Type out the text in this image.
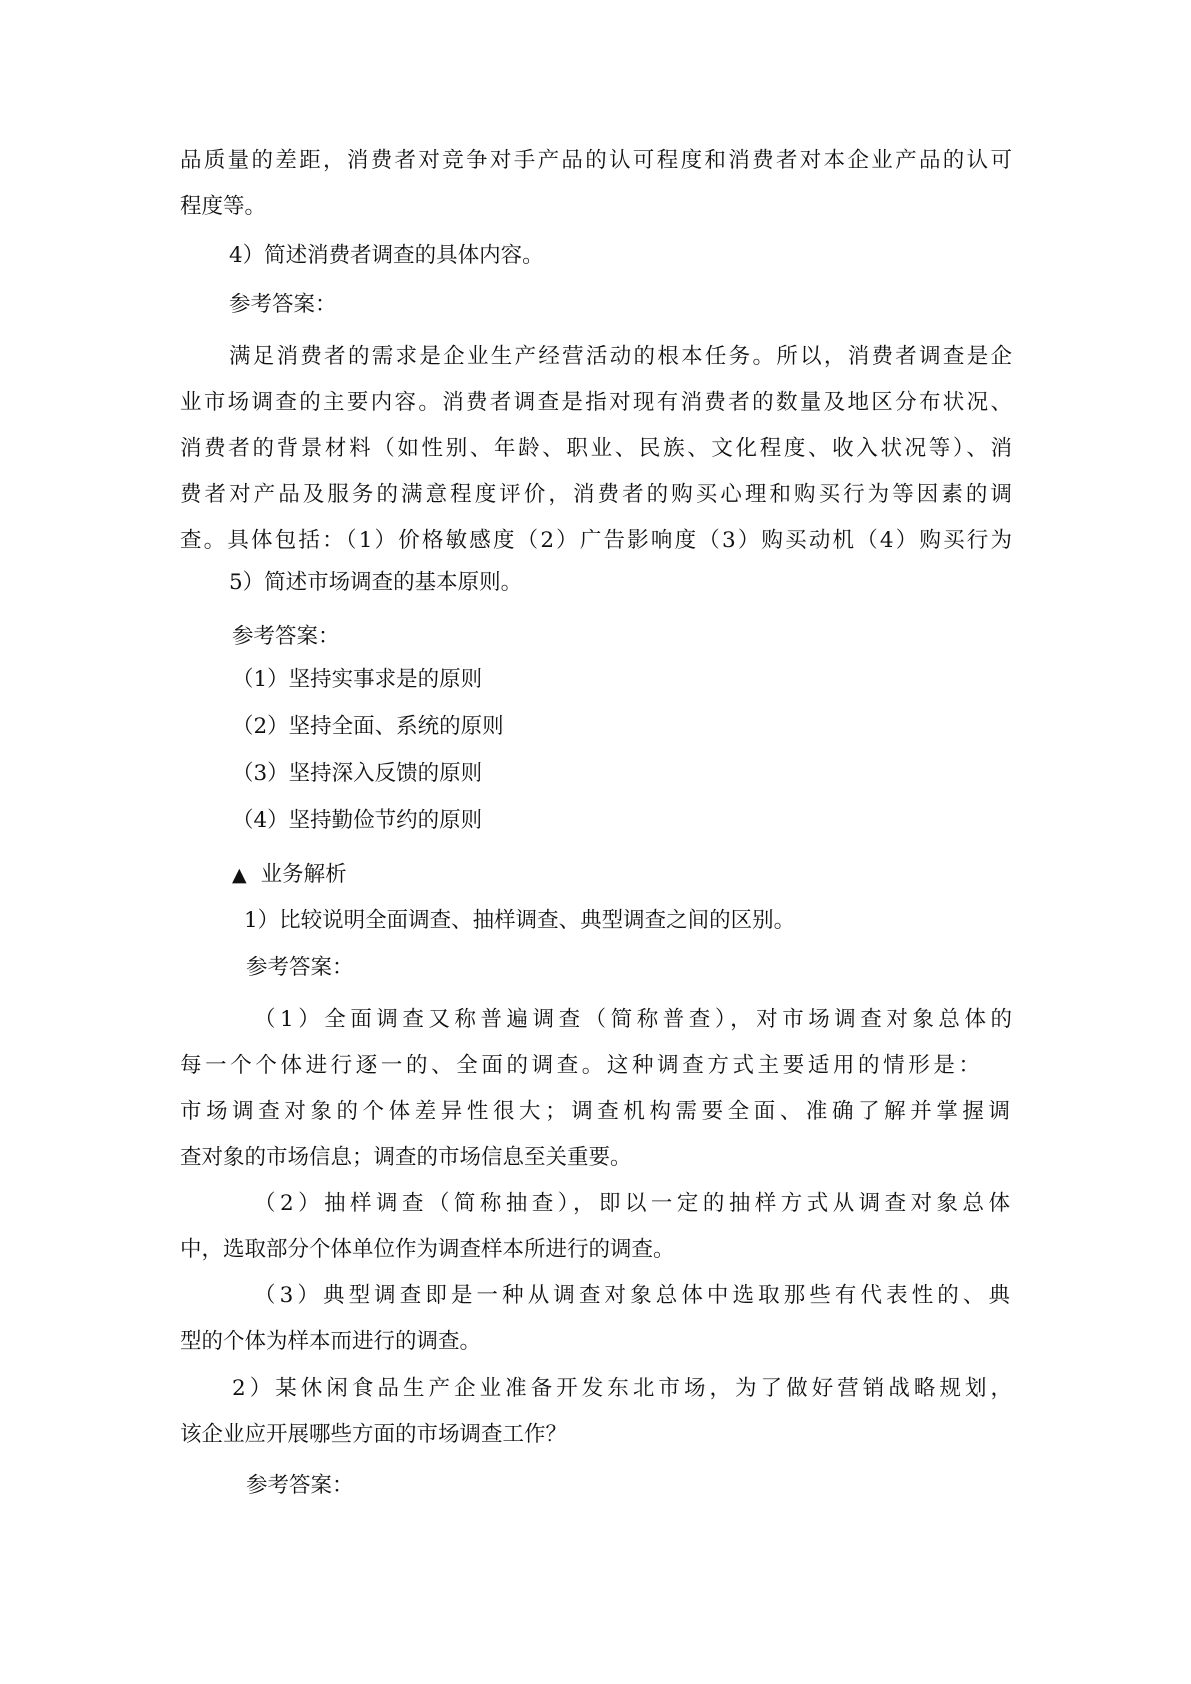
品质量的差距，消费者对竞争对手产品的认可程度和消费者对本企业产品的认可

程度等。

4）简述消费者调查的具体内容。

参考答案：

满足消费者的需求是企业生产经营活动的根本任务。所以，消费者调查是企

业市场调查的主要内容。消费者调查是指对现有消费者的数量及地区分布状况、

消费者的背景材料（如性别、年龄、职业、民族、文化程度、收入状况等）、消

费者对产品及服务的满意程度评价，消费者的购买心理和购买行为等因素的调

查。具体包括：（1）价格敏感度（2）广告影响度（3）购买动机（4）购买行为

5）简述市场调查的基本原则。

参考答案：

（1）坚持实事求是的原则

（2）坚持全面、系统的原则

（3）坚持深入反馈的原则

（4）坚持勤俭节约的原则

▲ 业务解析

1）比较说明全面调查、抽样调查、典型调查之间的区别。

参考答案：

（1）全面调查又称普遍调查（简称普查），对市场调查对象总体的

每一个个体进行逐一的、全面的调查。这种调查方式主要适用的情形是：

市场调查对象的个体差异性很大；调查机构需要全面、准确了解并掌握调

查对象的市场信息；调查的市场信息至关重要。

（2）抽样调查（简称抽查），即以一定的抽样方式从调查对象总体

中，选取部分个体单位作为调查样本所进行的调查。

（3）典型调查即是一种从调查对象总体中选取那些有代表性的、典

型的个体为样本而进行的调查。

2）某休闲食品生产企业准备开发东北市场，为了做好营销战略规划，

该企业应开展哪些方面的市场调查工作？

参考答案：
